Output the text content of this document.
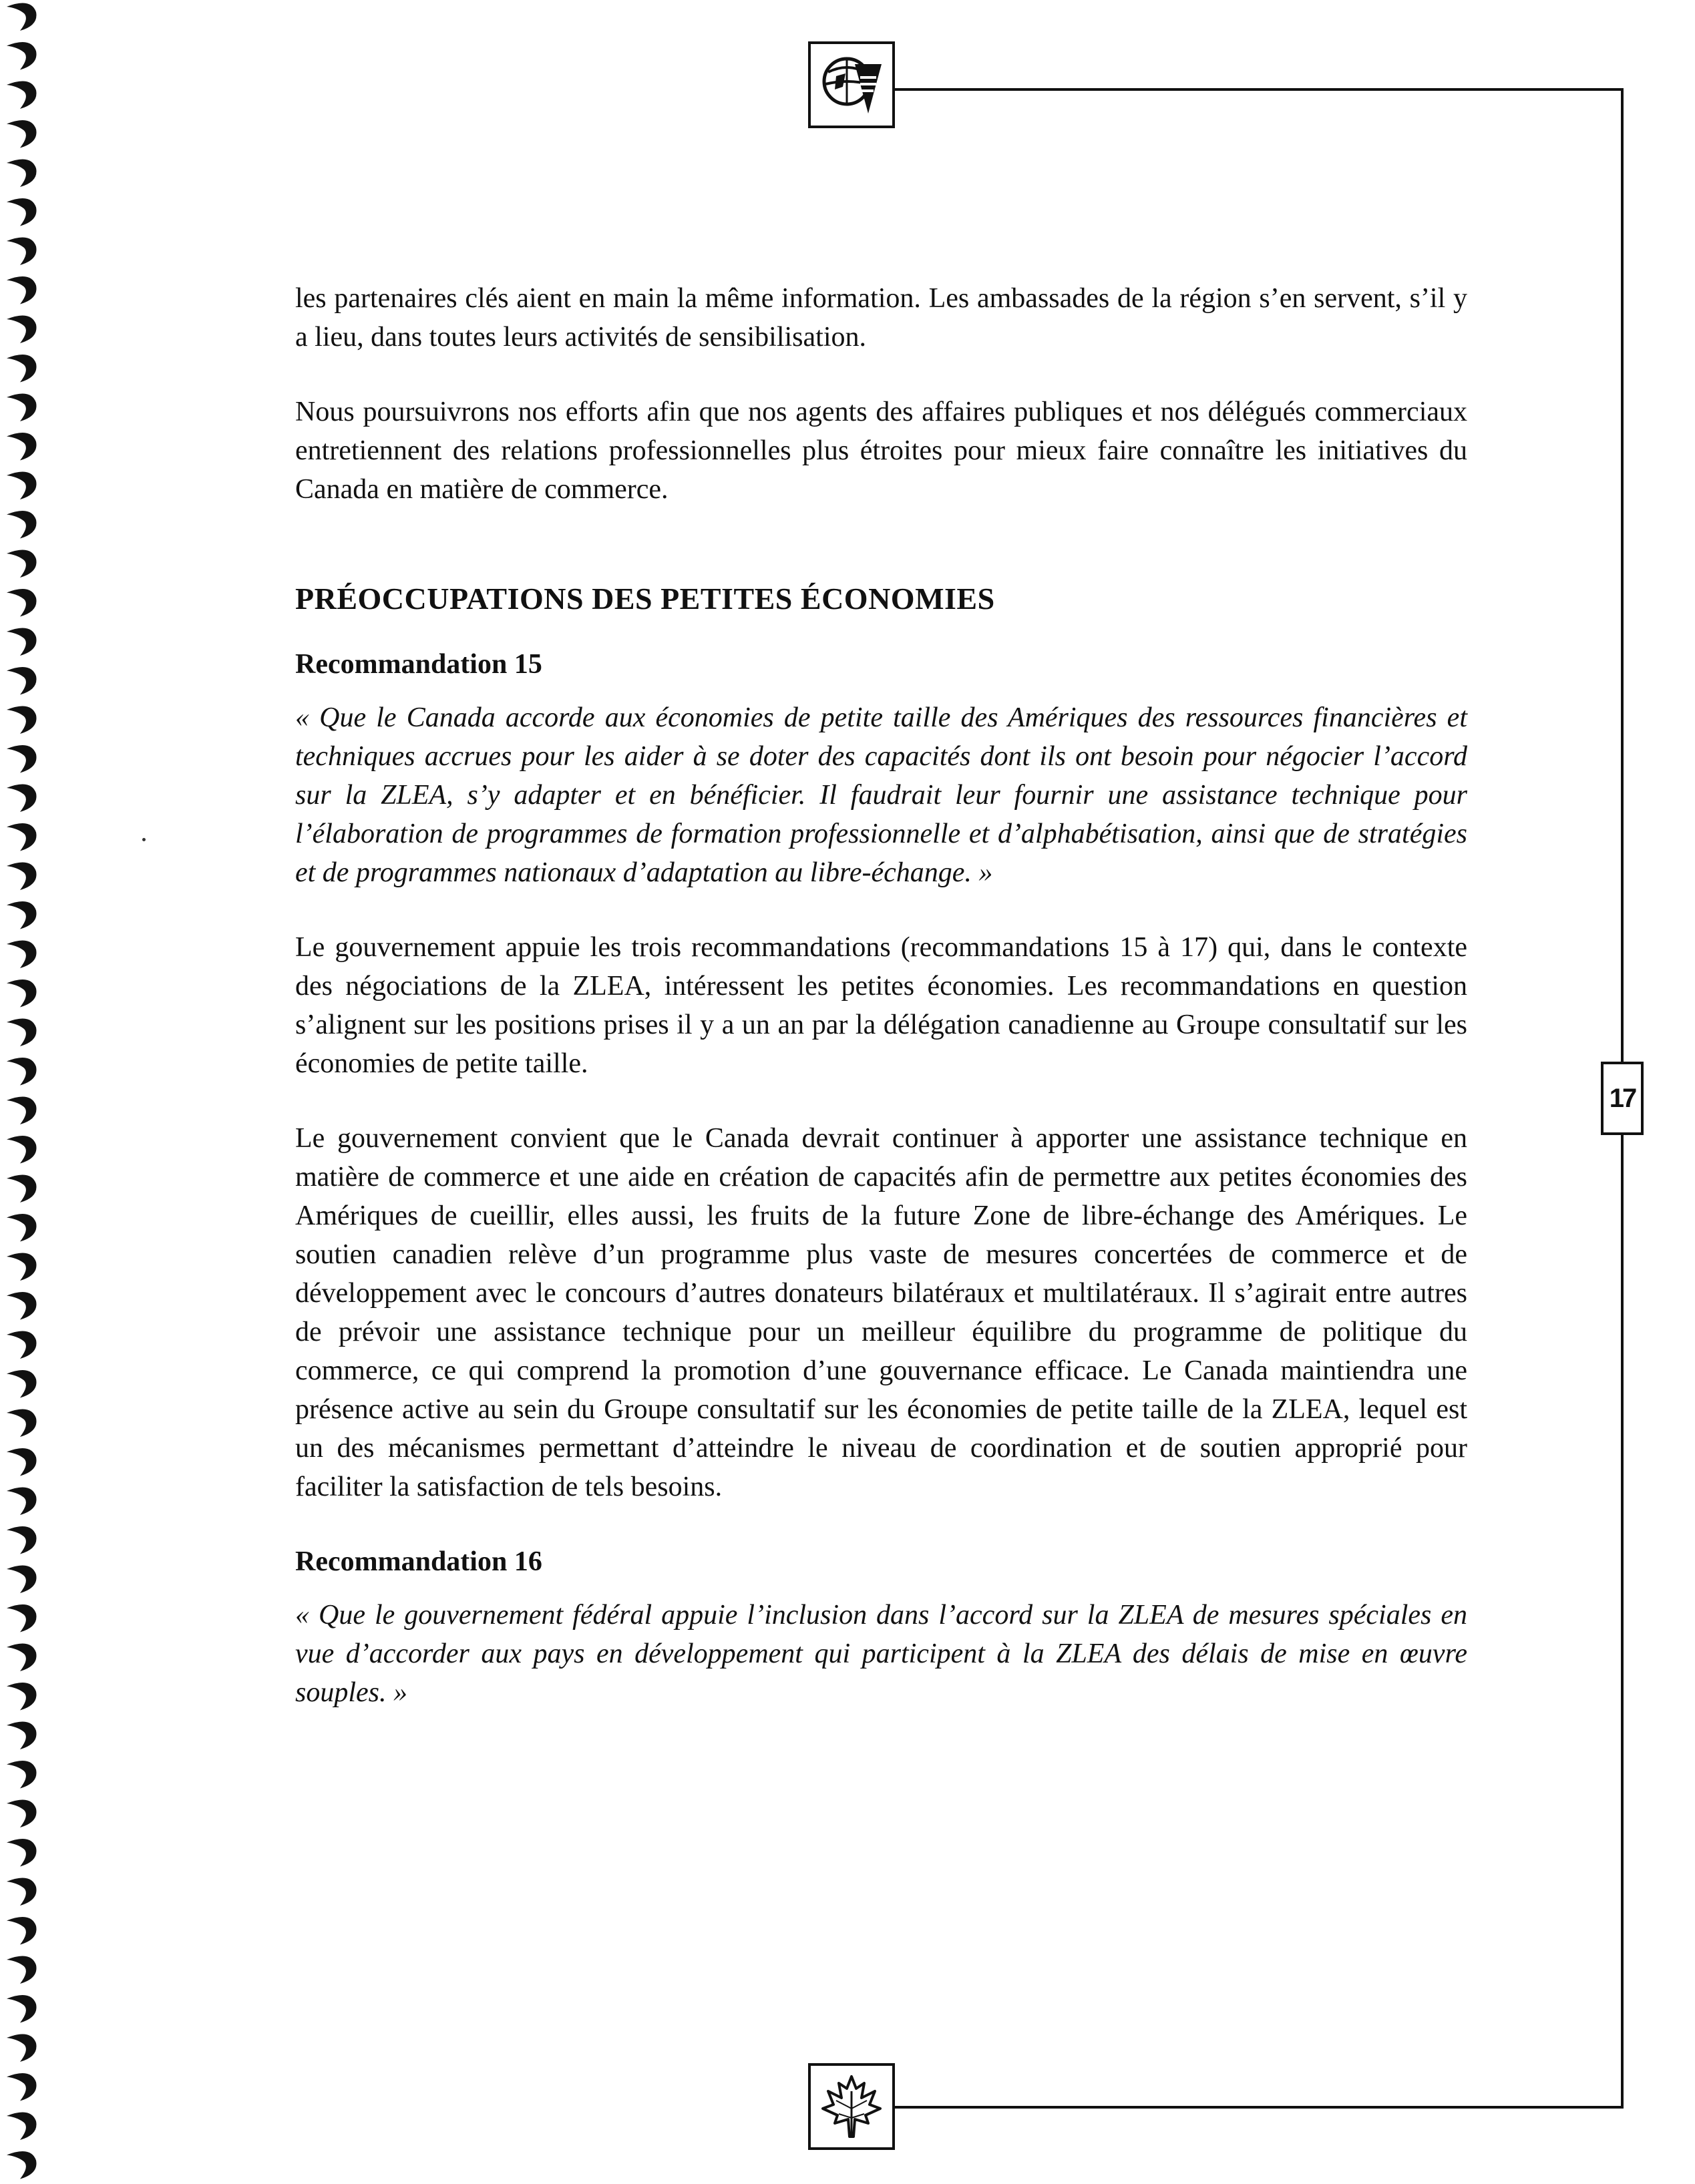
17

les partenaires clés aient en main la même information. Les ambassades de la région s’en servent, s’il y a lieu, dans toutes leurs activités de sensibilisation.

Nous poursuivrons nos efforts afin que nos agents des affaires publiques et nos délégués commerciaux entretiennent des relations professionnelles plus étroites pour mieux faire connaître les initiatives du Canada en matière de commerce.

PRÉOCCUPATIONS DES PETITES ÉCONOMIES
Recommandation 15

« Que le Canada accorde aux économies de petite taille des Amériques des ressources financières et techniques accrues pour les aider à se doter des capacités dont ils ont besoin pour négocier l’accord sur la ZLEA, s’y adapter et en bénéficier. Il faudrait leur fournir une assistance technique pour l’élaboration de programmes de formation professionnelle et d’alphabétisation, ainsi que de stratégies et de programmes nationaux d’adaptation au libre-échange. »

Le gouvernement appuie les trois recommandations (recommandations 15 à 17) qui, dans le contexte des négociations de la ZLEA, intéressent les petites économies. Les recommandations en question s’alignent sur les positions prises il y a un an par la délégation canadienne au Groupe consultatif sur les économies de petite taille.

Le gouvernement convient que le Canada devrait continuer à apporter une assistance technique en matière de commerce et une aide en création de capacités afin de permettre aux petites économies des Amériques de cueillir, elles aussi, les fruits de la future Zone de libre-échange des Amériques. Le soutien canadien relève d’un programme plus vaste de mesures concertées de commerce et de développement avec le concours d’autres donateurs bilatéraux et multilatéraux. Il s’agirait entre autres de prévoir une assistance technique pour un meilleur équilibre du programme de politique du commerce, ce qui comprend la promotion d’une gouvernance efficace. Le Canada maintiendra une présence active au sein du Groupe consultatif sur les économies de petite taille de la ZLEA, lequel est un des mécanismes permettant d’atteindre le niveau de coordination et de soutien approprié pour faciliter la satisfaction de tels besoins.

Recommandation 16

« Que le gouvernement fédéral appuie l’inclusion dans l’accord sur la ZLEA de mesures spéciales en vue d’accorder aux pays en développement qui participent à la ZLEA des délais de mise en œuvre souples. »
